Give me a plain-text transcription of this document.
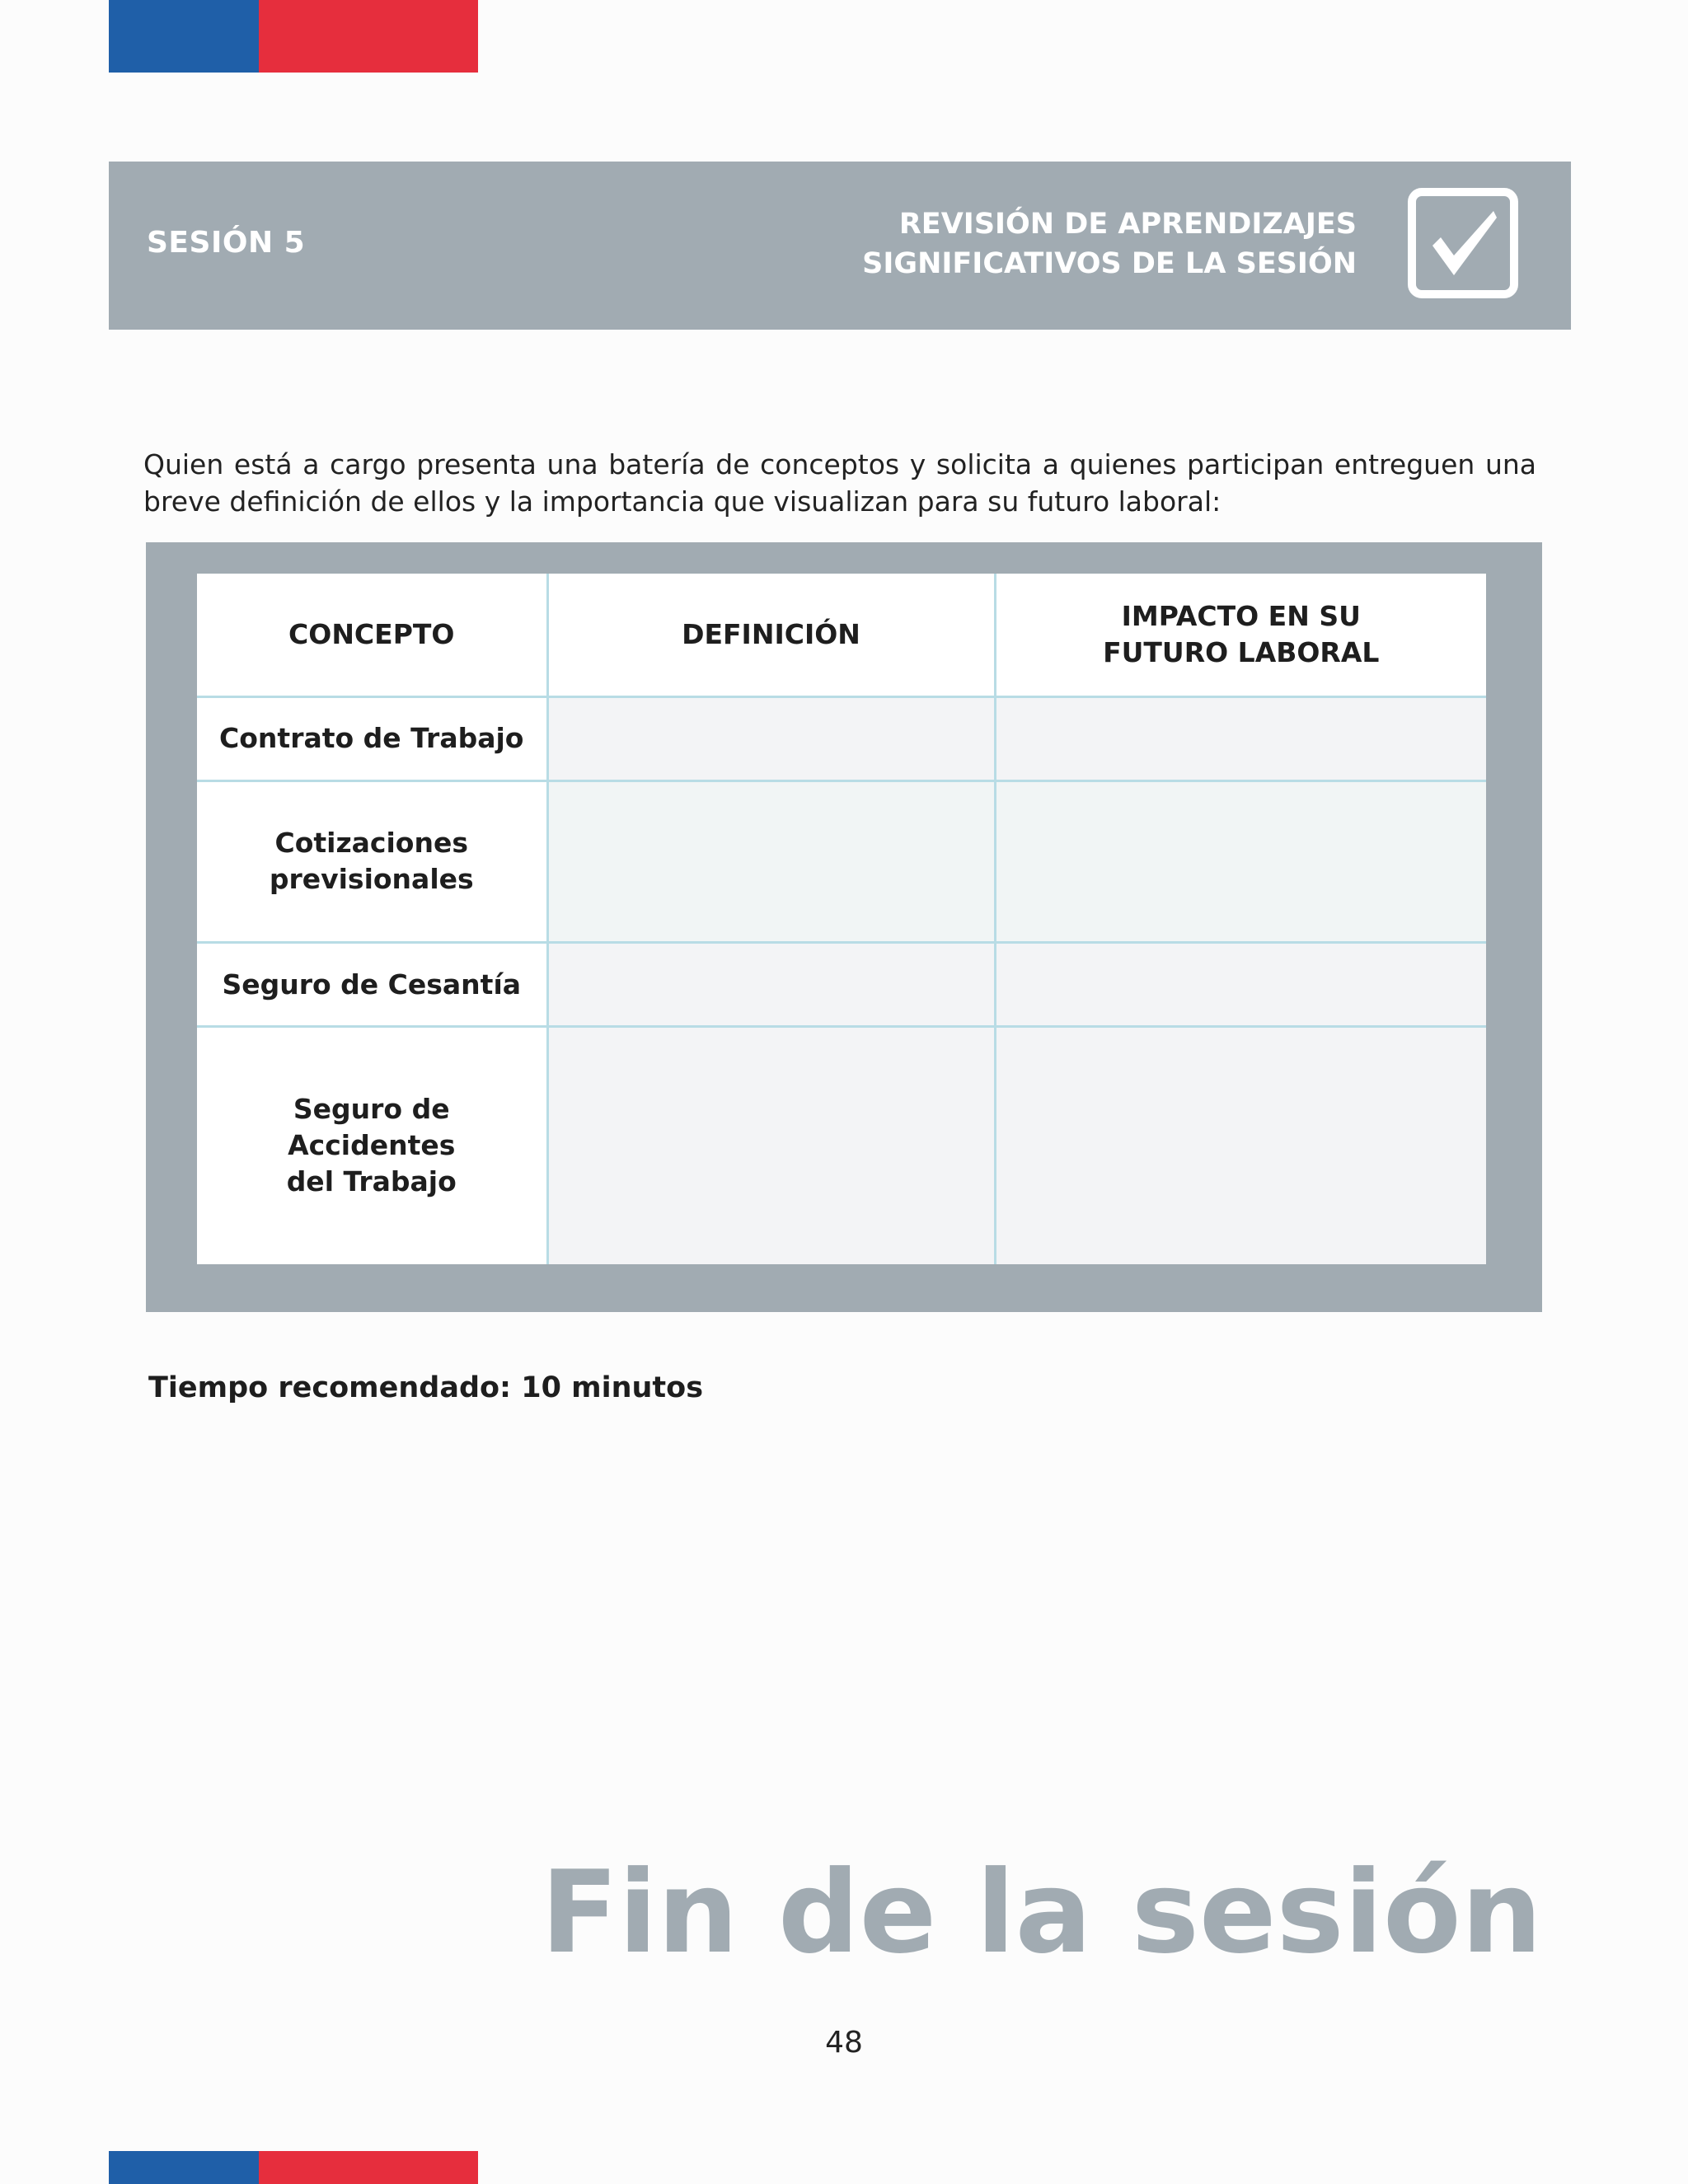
SESIÓN 5
REVISIÓN DE APRENDIZAJES
SIGNIFICATIVOS DE LA SESIÓN

Quien está a cargo presenta una batería de conceptos y solicita a quienes participan entreguen una breve definición de ellos y la importancia que visualizan para su futuro laboral:

CONCEPTO	DEFINICIÓN	IMPACTO EN SU
FUTURO LABORAL

Contrato de Trabajo		

Cotizaciones
previsionales		

Seguro de Cesantía		

Seguro de Accidentes
del Trabajo		

Tiempo recomendado: 10 minutos
Fin de la sesión
48
